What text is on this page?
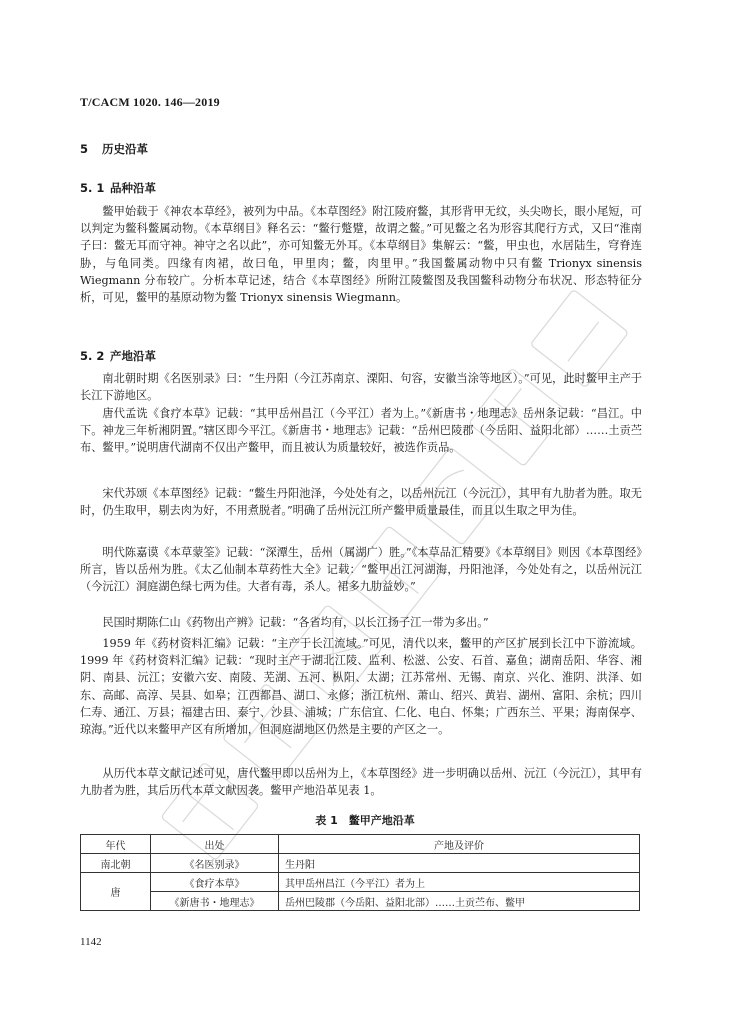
T/CACM 1020. 146—2019
5 历史沿革
5. 1 品种沿革

鳖甲始载于《神农本草经》，被列为中品。《本草图经》附江陵府鳖，其形背甲无纹，头尖吻长，眼小尾短，可以判定为鳖科鳖属动物。《本草纲目》释名云：“鳖行蹩躄，故谓之鳖。”可见鳖之名为形容其爬行方式，又曰“淮南子曰：鳖无耳而守神。神守之名以此”，亦可知鳖无外耳。《本草纲目》集解云：“鳖，甲虫也，水居陆生，穹脊连胁，与龟同类。四缘有肉裙，故曰龟，甲里肉；鳖，肉里甲。”我国鳖属动物中只有鳖 Trionyx sinensis Wiegmann 分布较广。分析本草记述，结合《本草图经》所附江陵鳖图及我国鳖科动物分布状况、形态特征分析，可见，鳖甲的基原动物为鳖 Trionyx sinensis Wiegmann。

5. 2 产地沿革

南北朝时期《名医别录》曰：“生丹阳（今江苏南京、溧阳、句容，安徽当涂等地区）。”可见，此时鳖甲主产于长江下游地区。

唐代孟诜《食疗本草》记载：“其甲岳州昌江（今平江）者为上。”《新唐书・地理志》岳州条记载：“昌江。中下。神龙三年析湘阴置。”辖区即今平江。《新唐书・地理志》记载：“岳州巴陵郡（今岳阳、益阳北部）……土贡苎布、鳖甲。”说明唐代湖南不仅出产鳖甲，而且被认为质量较好，被选作贡品。

宋代苏颂《本草图经》记载：“鳖生丹阳池泽，今处处有之，以岳州沅江（今沅江），其甲有九肋者为胜。取无时，仍生取甲，剔去肉为好，不用煮脱者。”明确了岳州沅江所产鳖甲质量最佳，而且以生取之甲为佳。

明代陈嘉谟《本草蒙筌》记载：“深潭生，岳州（属湖广）胜。”《本草品汇精要》《本草纲目》则因《本草图经》所言，皆以岳州为胜。《太乙仙制本草药性大全》记载：“鳖甲出江河湖海，丹阳池泽，今处处有之，以岳州沅江（今沅江）洞庭湖色绿七两为佳。大者有毒，杀人。裙多九肋益妙。”

民国时期陈仁山《药物出产辨》记载：“各省均有，以长江扬子江一带为多出。”

1959 年《药材资料汇编》记载：“主产于长江流域。”可见，清代以来，鳖甲的产区扩展到长江中下游流域。1999 年《药材资料汇编》记载：“现时主产于湖北江陵、监利、松滋、公安、石首、嘉鱼；湖南岳阳、华容、湘阴、南县、沅江；安徽六安、南陵、芜湖、五河、枞阳、太湖；江苏常州、无锡、南京、兴化、淮阴、洪泽、如东、高邮、高淳、吴县、如皋；江西都昌、湖口、永修；浙江杭州、萧山、绍兴、黄岩、湖州、富阳、余杭；四川仁寿、通江、万县；福建古田、泰宁、沙县、浦城；广东信宜、仁化、电白、怀集；广西东兰、平果；海南保亭、琼海。”近代以来鳖甲产区有所增加，但洞庭湖地区仍然是主要的产区之一。

从历代本草文献记述可见，唐代鳖甲即以岳州为上，《本草图经》进一步明确以岳州、沅江（今沅江），其甲有九肋者为胜，其后历代本草文献因袭。鳖甲产地沿革见表 1。

表 1　鳖甲产地沿革
年代	出处	产地及评价
南北朝	《名医别录》	生丹阳
唐	《食疗本草》	其甲岳州昌江（今平江）者为上
	《新唐书・地理志》	岳州巴陵郡（今岳阳、益阳北部）……土贡苎布、鳖甲
1142
